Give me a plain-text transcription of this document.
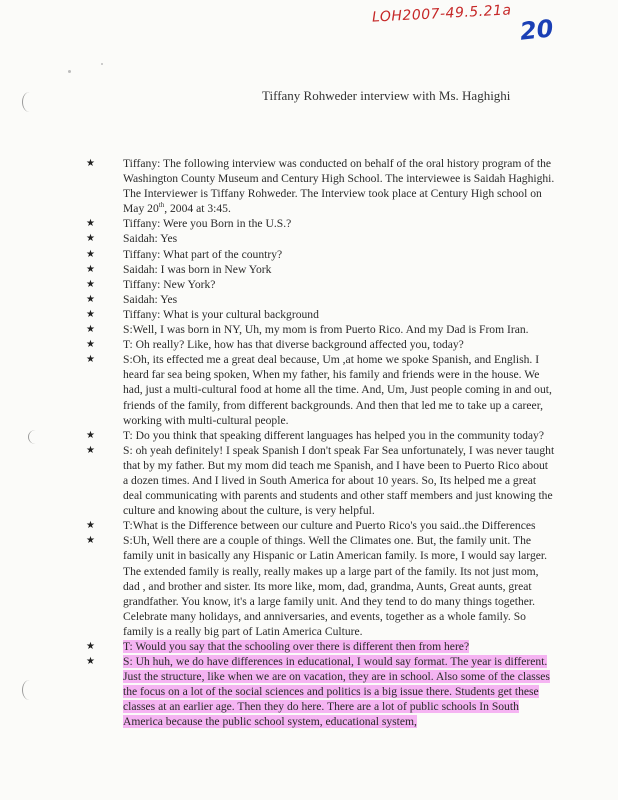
LOH2007-49.5.21a
20
Tiffany Rohweder interview with Ms. Haghighi
★ Tiffany: The following interview was conducted on behalf of the oral history program of the Washington County Museum and Century High School. The interviewee is Saidah Haghighi. The Interviewer is Tiffany Rohweder. The Interview took place at Century High school on May 20th, 2004 at 3:45.
★ Tiffany: Were you Born in the U.S.?
★ Saidah: Yes
★ Tiffany: What part of the country?
★ Saidah: I was born in New York
★ Tiffany: New York?
★ Saidah: Yes
★ Tiffany: What is your cultural background
★ S:Well, I was born in NY, Uh, my mom is from Puerto Rico. And my Dad is From Iran.
★ T: Oh really? Like, how has that diverse background affected you, today?
★ S:Oh, its effected me a great deal because, Um ,at home we spoke Spanish, and English. I heard far sea being spoken, When my father, his family and friends were in the house. We had, just a multi-cultural food at home all the time. And, Um, Just people coming in and out, friends of the family, from different backgrounds. And then that led me to take up a career, working with multi-cultural people.
★ T: Do you think that speaking different languages has helped you in the community today?
★ S: oh yeah definitely! I speak Spanish I don't speak Far Sea unfortunately, I was never taught that by my father. But my mom did teach me Spanish, and I have been to Puerto Rico about a dozen times. And I lived in South America for about 10 years. So, Its helped me a great deal communicating with parents and students and other staff members and just knowing the culture and knowing about the culture, is very helpful.
★ T:What is the Difference between our culture and Puerto Rico's you said..the Differences
★ S:Uh, Well there are a couple of things. Well the Climates one. But, the family unit. The family unit in basically any Hispanic or Latin American family. Is more, I would say larger. The extended family is really, really makes up a large part of the family. Its not just mom, dad , and brother and sister. Its more like, mom, dad, grandma, Aunts, Great aunts, great grandfather. You know, it's a large family unit. And they tend to do many things together. Celebrate many holidays, and anniversaries, and events, together as a whole family. So family is a really big part of Latin America Culture.
★ T: Would you say that the schooling over there is different then from here?
★ S: Uh huh, we do have differences in educational, I would say format. The year is different. Just the structure, like when we are on vacation, they are in school. Also some of the classes the focus on a lot of the social sciences and politics is a big issue there. Students get these classes at an earlier age. Then they do here. There are a lot of public schools In South America because the public school system, educational system,
